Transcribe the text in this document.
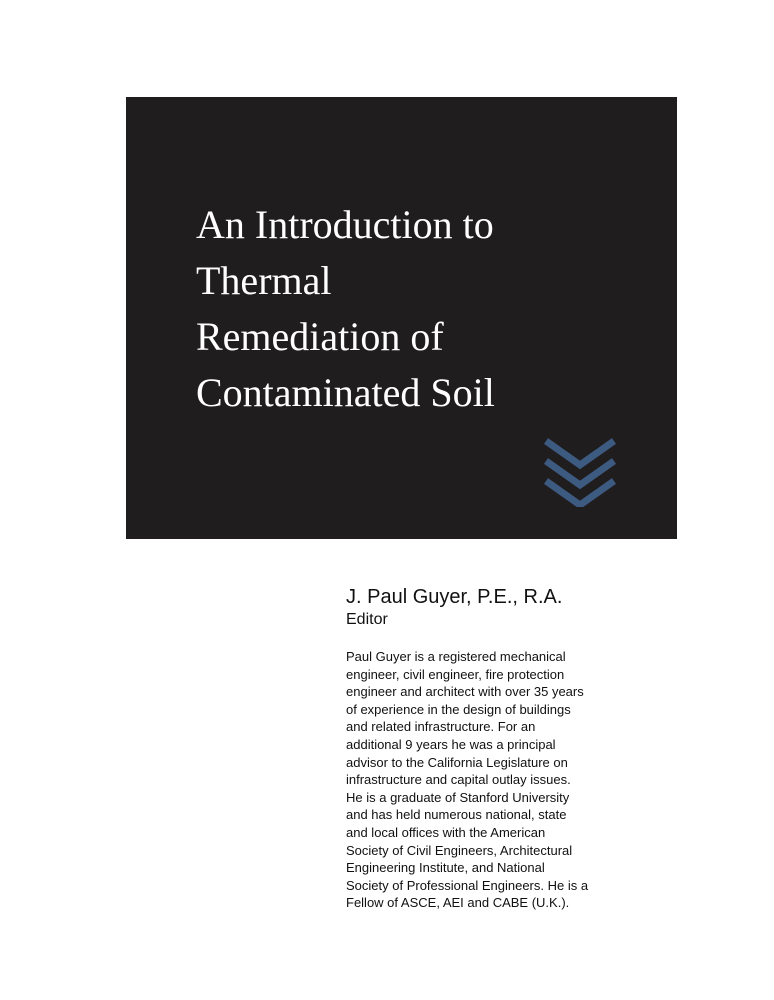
An Introduction to
Thermal
Remediation of
Contaminated Soil

J. Paul Guyer, P.E., R.A.

Editor

Paul Guyer is a registered mechanical
engineer, civil engineer, fire protection
engineer and architect with over 35 years
of experience in the design of buildings
and related infrastructure. For an
additional 9 years he was a principal
advisor to the California Legislature on
infrastructure and capital outlay issues.
He is a graduate of Stanford University
and has held numerous national, state
and local offices with the American
Society of Civil Engineers, Architectural
Engineering Institute, and National
Society of Professional Engineers. He is a
Fellow of ASCE, AEI and CABE (U.K.).
